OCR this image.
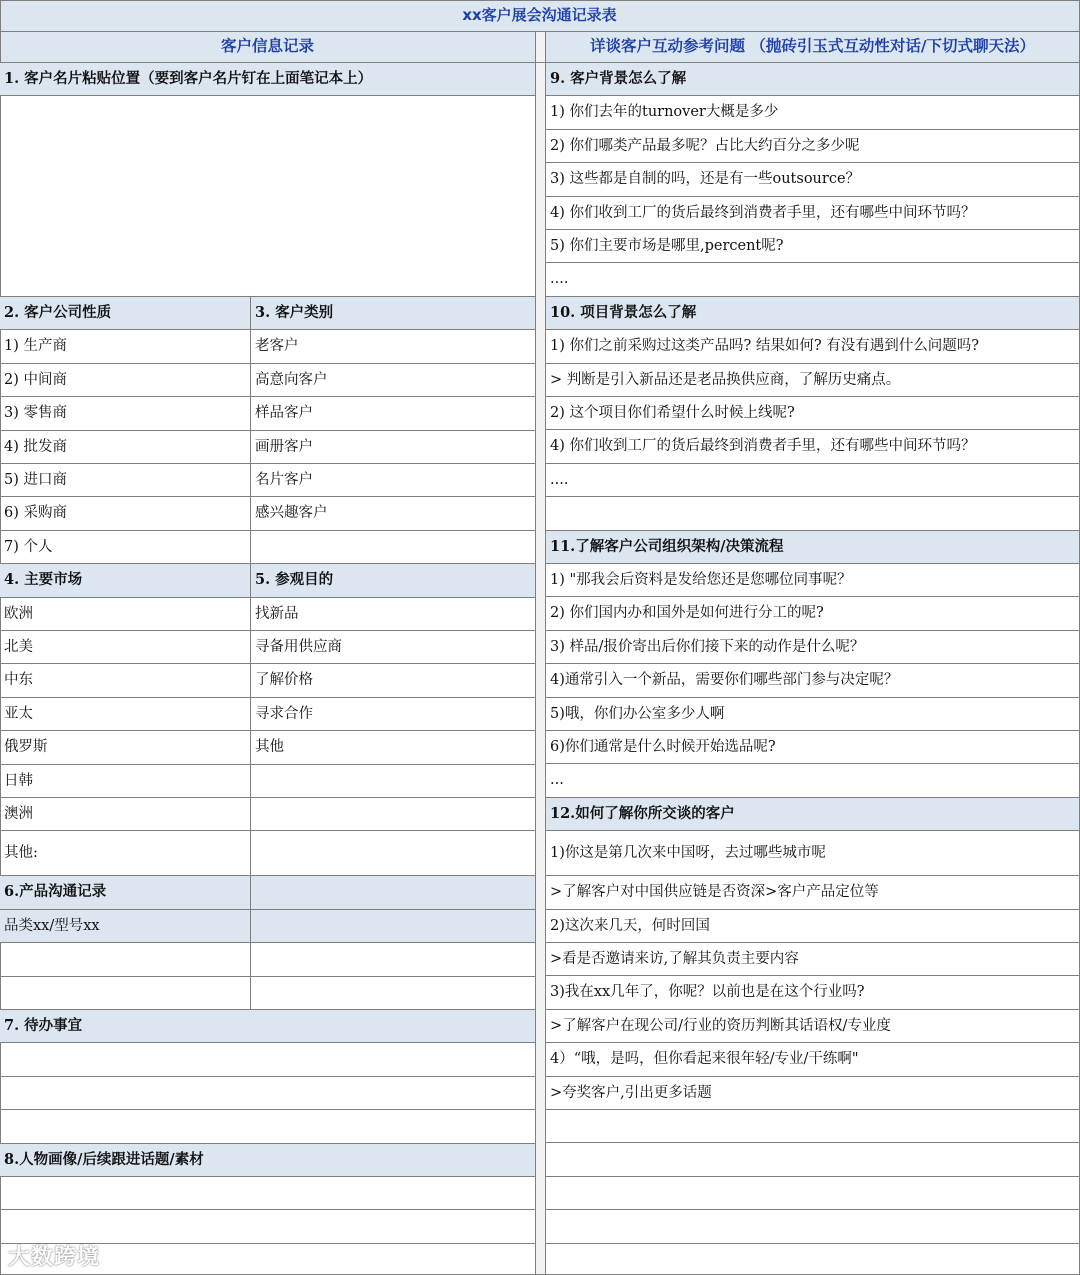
xx客户展会沟通记录表
客户信息记录	详谈客户互动参考问题 （抛砖引玉式互动性对话/下切式聊天法）
大数跨境
1. 客户名片粘贴位置（要到客户名片钉在上面笔记本上）
2. 客户公司性质	3. 客户类别
1) 生产商	老客户
2) 中间商	高意向客户
3) 零售商	样品客户
4) 批发商	画册客户
5) 进口商	名片客户
6) 采购商	感兴趣客户
7) 个人
4. 主要市场	5. 参观目的
欧洲	找新品
北美	寻备用供应商
中东	了解价格
亚太	寻求合作
俄罗斯	其他
日韩
澳洲
其他:
6.产品沟通记录
品类xx/型号xx
7. 待办事宜
8.人物画像/后续跟进话题/素材
9. 客户背景怎么了解
1) 你们去年的turnover大概是多少
2) 你们哪类产品最多呢？占比大约百分之多少呢
3) 这些都是自制的吗，还是有一些outsource？
4) 你们收到工厂的货后最终到消费者手里，还有哪些中间环节吗？
5) 你们主要市场是哪里,percent呢?
....
10. 项目背景怎么了解
1) 你们之前采购过这类产品吗? 结果如何? 有没有遇到什么问题吗?
> 判断是引入新品还是老品换供应商，了解历史痛点。
2) 这个项目你们希望什么时候上线呢?
4) 你们收到工厂的货后最终到消费者手里，还有哪些中间环节吗？
....
11.了解客户公司组织架构/决策流程
1) "那我会后资料是发给您还是您哪位同事呢？
2) 你们国内办和国外是如何进行分工的呢?
3) 样品/报价寄出后你们接下来的动作是什么呢？
4)通常引入一个新品，需要你们哪些部门参与决定呢？
5)哦，你们办公室多少人啊
6)你们通常是什么时候开始选品呢?
...
12.如何了解你所交谈的客户
1)你这是第几次来中国呀，去过哪些城市呢
>了解客户对中国供应链是否资深>客户产品定位等
2)这次来几天，何时回国
>看是否邀请来访,了解其负责主要内容
3)我在xx几年了，你呢？以前也是在这个行业吗?
>了解客户在现公司/行业的资历判断其话语权/专业度
4）“哦，是吗，但你看起来很年轻/专业/干练啊"
>夸奖客户,引出更多话题
